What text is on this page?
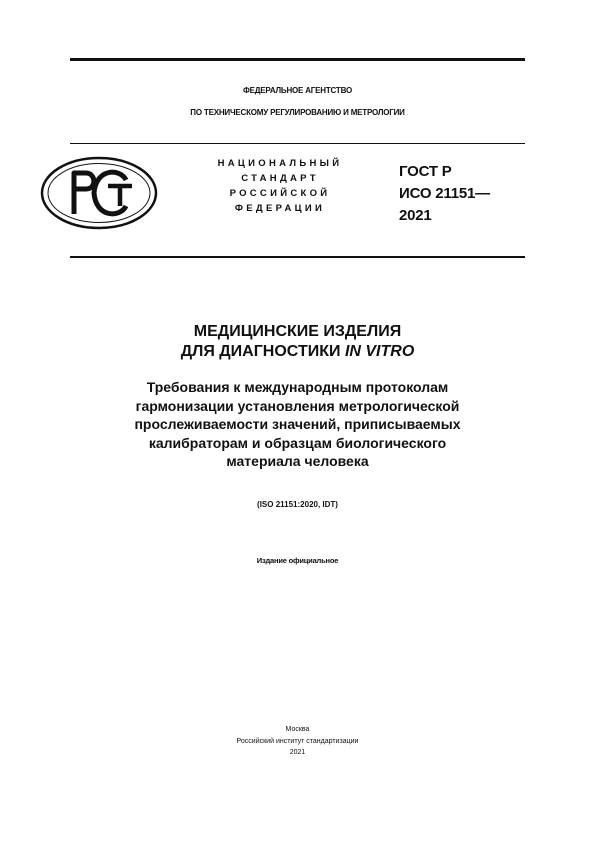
ФЕДЕРАЛЬНОЕ АГЕНТСТВО
ПО ТЕХНИЧЕСКОМУ РЕГУЛИРОВАНИЮ И МЕТРОЛОГИИ
НАЦИОНАЛЬНЫЙ
СТАНДАРТ
РОССИЙСКОЙ
ФЕДЕРАЦИИ
ГОСТ Р
ИСО 21151—
2021
МЕДИЦИНСКИЕ ИЗДЕЛИЯ
ДЛЯ ДИАГНОСТИКИ IN VITRO
Требования к международным протоколам
гармонизации установления метрологической
прослеживаемости значений, приписываемых
калибраторам и образцам биологического
материала человека
(ISO 21151:2020, IDT)
Издание официальное
Москва
Российский институт стандартизации
2021
